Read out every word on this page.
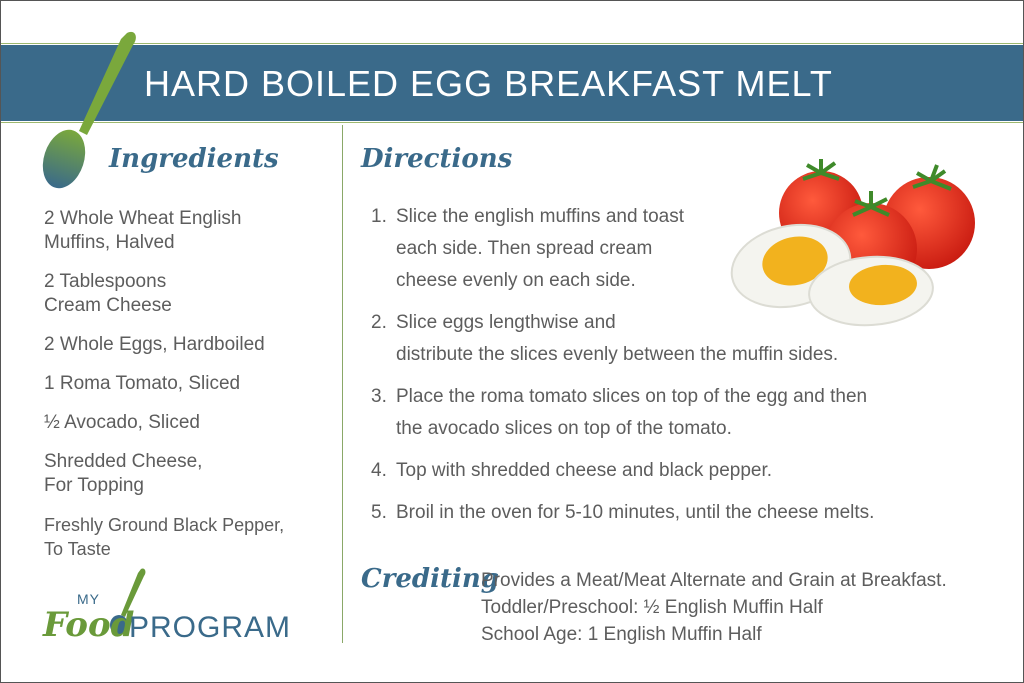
HARD BOILED EGG BREAKFAST MELT
Ingredients
2 Whole Wheat English
Muffins, Halved
2 Tablespoons
Cream Cheese
2 Whole Eggs, Hardboiled
1 Roma Tomato, Sliced
½ Avocado, Sliced
Shredded Cheese,
For Topping
Freshly Ground Black Pepper,
To Taste
Directions
1. Slice the english muffins and toast
each side. Then spread cream
cheese evenly on each side.
2. Slice eggs lengthwise and
distribute the slices evenly between the muffin sides.
3. Place the roma tomato slices on top of the egg and then
the avocado slices on top of the tomato.
4. Top with shredded cheese and black pepper.
5. Broil in the oven for 5-10 minutes, until the cheese melts.
Crediting
Provides a Meat/Meat Alternate and Grain at Breakfast.
Toddler/Preschool: ½ English Muffin Half
School Age: 1 English Muffin Half
MY
Food
PROGRAM
